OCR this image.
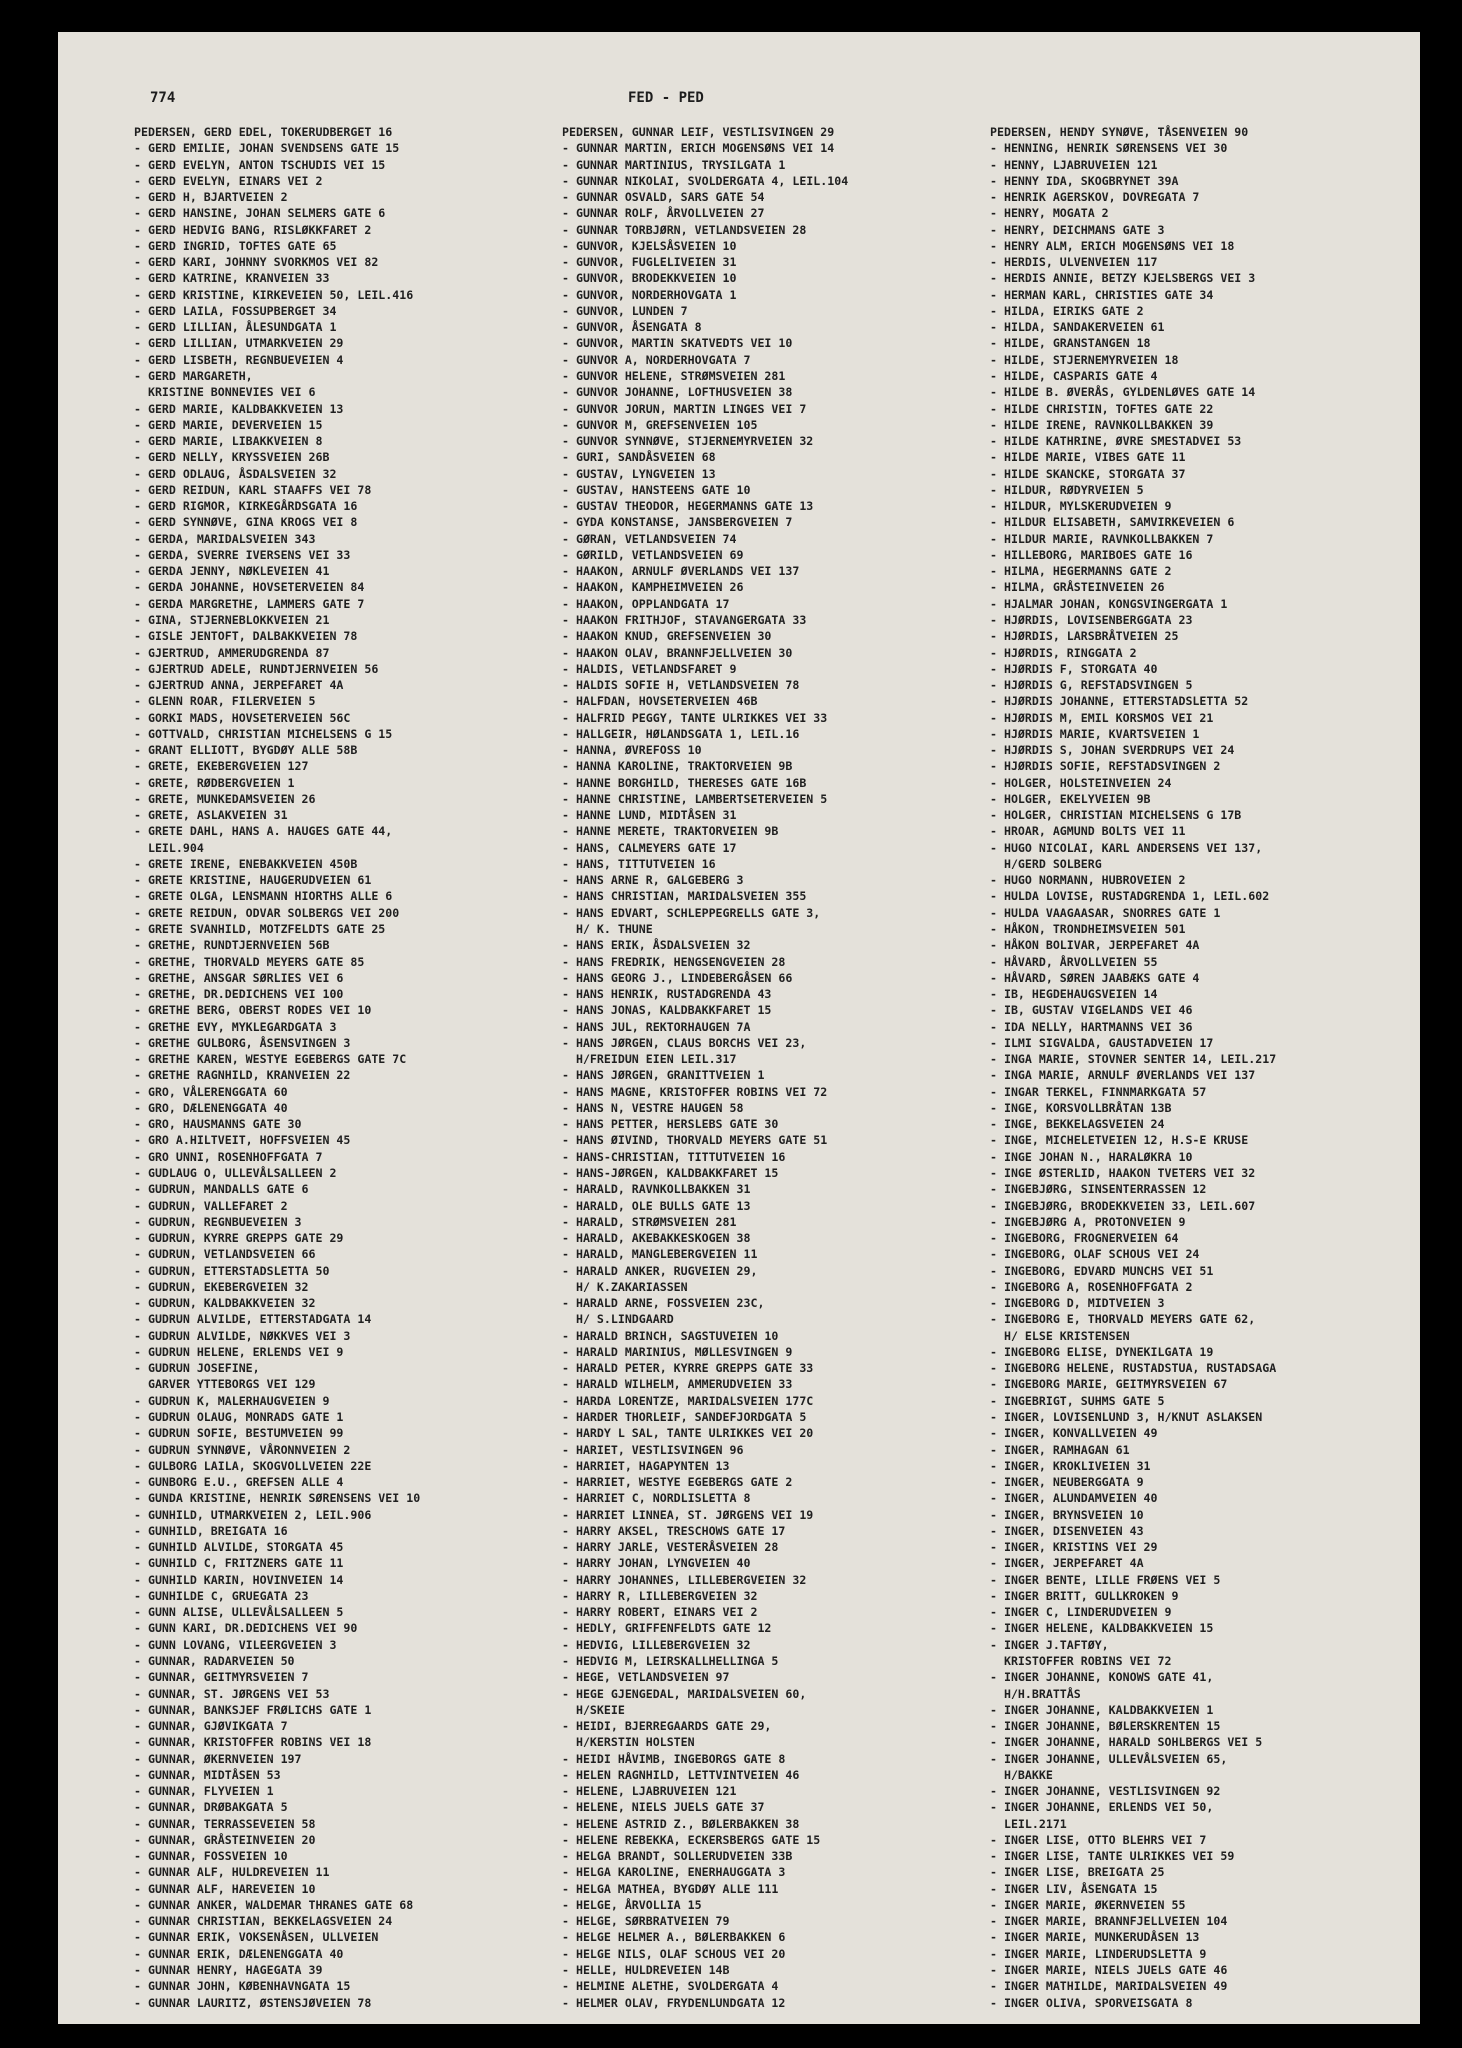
774	FED - PED
PEDERSEN, GERD EDEL, TOKERUDBERGET 16
- GERD EMILIE, JOHAN SVENDSENS GATE 15
- GERD EVELYN, ANTON TSCHUDIS VEI 15
- GERD EVELYN, EINARS VEI 2
- GERD H, BJARTVEIEN 2
- GERD HANSINE, JOHAN SELMERS GATE 6
- GERD HEDVIG BANG, RISLØKKFARET 2
- GERD INGRID, TOFTES GATE 65
- GERD KARI, JOHNNY SVORKMOS VEI 82
- GERD KATRINE, KRANVEIEN 33
- GERD KRISTINE, KIRKEVEIEN 50, LEIL.416
- GERD LAILA, FOSSUPBERGET 34
- GERD LILLIAN, ÅLESUNDGATA 1
- GERD LILLIAN, UTMARKVEIEN 29
- GERD LISBETH, REGNBUEVEIEN 4
- GERD MARGARETH,
KRISTINE BONNEVIES VEI 6
- GERD MARIE, KALDBAKKVEIEN 13
- GERD MARIE, DEVERVEIEN 15
- GERD MARIE, LIBAKKVEIEN 8
- GERD NELLY, KRYSSVEIEN 26B
- GERD ODLAUG, ÅSDALSVEIEN 32
- GERD REIDUN, KARL STAAFFS VEI 78
- GERD RIGMOR, KIRKEGÅRDSGATA 16
- GERD SYNNØVE, GINA KROGS VEI 8
- GERDA, MARIDALSVEIEN 343
- GERDA, SVERRE IVERSENS VEI 33
- GERDA JENNY, NØKLEVEIEN 41
- GERDA JOHANNE, HOVSETERVEIEN 84
- GERDA MARGRETHE, LAMMERS GATE 7
- GINA, STJERNEBLOKKVEIEN 21
- GISLE JENTOFT, DALBAKKVEIEN 78
- GJERTRUD, AMMERUDGRENDA 87
- GJERTRUD ADELE, RUNDTJERNVEIEN 56
- GJERTRUD ANNA, JERPEFARET 4A
- GLENN ROAR, FILERVEIEN 5
- GORKI MADS, HOVSETERVEIEN 56C
- GOTTVALD, CHRISTIAN MICHELSENS G 15
- GRANT ELLIOTT, BYGDØY ALLE 58B
- GRETE, EKEBERGVEIEN 127
- GRETE, RØDBERGVEIEN 1
- GRETE, MUNKEDAMSVEIEN 26
- GRETE, ASLAKVEIEN 31
- GRETE DAHL, HANS A. HAUGES GATE 44,
LEIL.904
- GRETE IRENE, ENEBAKKVEIEN 450B
- GRETE KRISTINE, HAUGERUDVEIEN 61
- GRETE OLGA, LENSMANN HIORTHS ALLE 6
- GRETE REIDUN, ODVAR SOLBERGS VEI 200
- GRETE SVANHILD, MOTZFELDTS GATE 25
- GRETHE, RUNDTJERNVEIEN 56B
- GRETHE, THORVALD MEYERS GATE 85
- GRETHE, ANSGAR SØRLIES VEI 6
- GRETHE, DR.DEDICHENS VEI 100
- GRETHE BERG, OBERST RODES VEI 10
- GRETHE EVY, MYKLEGARDGATA 3
- GRETHE GULBORG, ÅSENSVINGEN 3
- GRETHE KAREN, WESTYE EGEBERGS GATE 7C
- GRETHE RAGNHILD, KRANVEIEN 22
- GRO, VÅLERENGGATA 60
- GRO, DÆLENENGGATA 40
- GRO, HAUSMANNS GATE 30
- GRO A.HILTVEIT, HOFFSVEIEN 45
- GRO UNNI, ROSENHOFFGATA 7
- GUDLAUG O, ULLEVÅLSALLEEN 2
- GUDRUN, MANDALLS GATE 6
- GUDRUN, VALLEFARET 2
- GUDRUN, REGNBUEVEIEN 3
- GUDRUN, KYRRE GREPPS GATE 29
- GUDRUN, VETLANDSVEIEN 66
- GUDRUN, ETTERSTADSLETTA 50
- GUDRUN, EKEBERGVEIEN 32
- GUDRUN, KALDBAKKVEIEN 32
- GUDRUN ALVILDE, ETTERSTADGATA 14
- GUDRUN ALVILDE, NØKKVES VEI 3
- GUDRUN HELENE, ERLENDS VEI 9
- GUDRUN JOSEFINE,
GARVER YTTEBORGS VEI 129
- GUDRUN K, MALERHAUGVEIEN 9
- GUDRUN OLAUG, MONRADS GATE 1
- GUDRUN SOFIE, BESTUMVEIEN 99
- GUDRUN SYNNØVE, VÅRONNVEIEN 2
- GULBORG LAILA, SKOGVOLLVEIEN 22E
- GUNBORG E.U., GREFSEN ALLE 4
- GUNDA KRISTINE, HENRIK SØRENSENS VEI 10
- GUNHILD, UTMARKVEIEN 2, LEIL.906
- GUNHILD, BREIGATA 16
- GUNHILD ALVILDE, STORGATA 45
- GUNHILD C, FRITZNERS GATE 11
- GUNHILD KARIN, HOVINVEIEN 14
- GUNHILDE C, GRUEGATA 23
- GUNN ALISE, ULLEVÅLSALLEEN 5
- GUNN KARI, DR.DEDICHENS VEI 90
- GUNN LOVANG, VILEERGVEIEN 3
- GUNNAR, RADARVEIEN 50
- GUNNAR, GEITMYRSVEIEN 7
- GUNNAR, ST. JØRGENS VEI 53
- GUNNAR, BANKSJEF FRØLICHS GATE 1
- GUNNAR, GJØVIKGATA 7
- GUNNAR, KRISTOFFER ROBINS VEI 18
- GUNNAR, ØKERNVEIEN 197
- GUNNAR, MIDTÅSEN 53
- GUNNAR, FLYVEIEN 1
- GUNNAR, DRØBAKGATA 5
- GUNNAR, TERRASSEVEIEN 58
- GUNNAR, GRÅSTEINVEIEN 20
- GUNNAR, FOSSVEIEN 10
- GUNNAR ALF, HULDREVEIEN 11
- GUNNAR ALF, HAREVEIEN 10
- GUNNAR ANKER, WALDEMAR THRANES GATE 68
- GUNNAR CHRISTIAN, BEKKELAGSVEIEN 24
- GUNNAR ERIK, VOKSENÅSEN, ULLVEIEN
- GUNNAR ERIK, DÆLENENGGATA 40
- GUNNAR HENRY, HAGEGATA 39
- GUNNAR JOHN, KØBENHAVNGATA 15
- GUNNAR LAURITZ, ØSTENSJØVEIEN 78
PEDERSEN, GUNNAR LEIF, VESTLISVINGEN 29
- GUNNAR MARTIN, ERICH MOGENSØNS VEI 14
- GUNNAR MARTINIUS, TRYSILGATA 1
- GUNNAR NIKOLAI, SVOLDERGATA 4, LEIL.104
- GUNNAR OSVALD, SARS GATE 54
- GUNNAR ROLF, ÅRVOLLVEIEN 27
- GUNNAR TORBJØRN, VETLANDSVEIEN 28
- GUNVOR, KJELSÅSVEIEN 10
- GUNVOR, FUGLELIVEIEN 31
- GUNVOR, BRODEKKVEIEN 10
- GUNVOR, NORDERHOVGATA 1
- GUNVOR, LUNDEN 7
- GUNVOR, ÅSENGATA 8
- GUNVOR, MARTIN SKATVEDTS VEI 10
- GUNVOR A, NORDERHOVGATA 7
- GUNVOR HELENE, STRØMSVEIEN 281
- GUNVOR JOHANNE, LOFTHUSVEIEN 38
- GUNVOR JORUN, MARTIN LINGES VEI 7
- GUNVOR M, GREFSENVEIEN 105
- GUNVOR SYNNØVE, STJERNEMYRVEIEN 32
- GURI, SANDÅSVEIEN 68
- GUSTAV, LYNGVEIEN 13
- GUSTAV, HANSTEENS GATE 10
- GUSTAV THEODOR, HEGERMANNS GATE 13
- GYDA KONSTANSE, JANSBERGVEIEN 7
- GØRAN, VETLANDSVEIEN 74
- GØRILD, VETLANDSVEIEN 69
- HAAKON, ARNULF ØVERLANDS VEI 137
- HAAKON, KAMPHEIMVEIEN 26
- HAAKON, OPPLANDGATA 17
- HAAKON FRITHJOF, STAVANGERGATA 33
- HAAKON KNUD, GREFSENVEIEN 30
- HAAKON OLAV, BRANNFJELLVEIEN 30
- HALDIS, VETLANDSFARET 9
- HALDIS SOFIE H, VETLANDSVEIEN 78
- HALFDAN, HOVSETERVEIEN 46B
- HALFRID PEGGY, TANTE ULRIKKES VEI 33
- HALLGEIR, HØLANDSGATA 1, LEIL.16
- HANNA, ØVREFOSS 10
- HANNA KAROLINE, TRAKTORVEIEN 9B
- HANNE BORGHILD, THERESES GATE 16B
- HANNE CHRISTINE, LAMBERTSETERVEIEN 5
- HANNE LUND, MIDTÅSEN 31
- HANNE MERETE, TRAKTORVEIEN 9B
- HANS, CALMEYERS GATE 17
- HANS, TITTUTVEIEN 16
- HANS ARNE R, GALGEBERG 3
- HANS CHRISTIAN, MARIDALSVEIEN 355
- HANS EDVART, SCHLEPPEGRELLS GATE 3,
H/ K. THUNE
- HANS ERIK, ÅSDALSVEIEN 32
- HANS FREDRIK, HENGSENGVEIEN 28
- HANS GEORG J., LINDEBERGÅSEN 66
- HANS HENRIK, RUSTADGRENDA 43
- HANS JONAS, KALDBAKKFARET 15
- HANS JUL, REKTORHAUGEN 7A
- HANS JØRGEN, CLAUS BORCHS VEI 23,
H/FREIDUN EIEN LEIL.317
- HANS JØRGEN, GRANITTVEIEN 1
- HANS MAGNE, KRISTOFFER ROBINS VEI 72
- HANS N, VESTRE HAUGEN 58
- HANS PETTER, HERSLEBS GATE 30
- HANS ØIVIND, THORVALD MEYERS GATE 51
- HANS-CHRISTIAN, TITTUTVEIEN 16
- HANS-JØRGEN, KALDBAKKFARET 15
- HARALD, RAVNKOLLBAKKEN 31
- HARALD, OLE BULLS GATE 13
- HARALD, STRØMSVEIEN 281
- HARALD, AKEBAKKESKOGEN 38
- HARALD, MANGLEBERGVEIEN 11
- HARALD ANKER, RUGVEIEN 29,
H/ K.ZAKARIASSEN
- HARALD ARNE, FOSSVEIEN 23C,
H/ S.LINDGAARD
- HARALD BRINCH, SAGSTUVEIEN 10
- HARALD MARINIUS, MØLLESVINGEN 9
- HARALD PETER, KYRRE GREPPS GATE 33
- HARALD WILHELM, AMMERUDVEIEN 33
- HARDA LORENTZE, MARIDALSVEIEN 177C
- HARDER THORLEIF, SANDEFJORDGATA 5
- HARDY L SAL, TANTE ULRIKKES VEI 20
- HARIET, VESTLISVINGEN 96
- HARRIET, HAGAPYNTEN 13
- HARRIET, WESTYE EGEBERGS GATE 2
- HARRIET C, NORDLISLETTA 8
- HARRIET LINNEA, ST. JØRGENS VEI 19
- HARRY AKSEL, TRESCHOWS GATE 17
- HARRY JARLE, VESTERÅSVEIEN 28
- HARRY JOHAN, LYNGVEIEN 40
- HARRY JOHANNES, LILLEBERGVEIEN 32
- HARRY R, LILLEBERGVEIEN 32
- HARRY ROBERT, EINARS VEI 2
- HEDLY, GRIFFENFELDTS GATE 12
- HEDVIG, LILLEBERGVEIEN 32
- HEDVIG M, LEIRSKALLHELLINGA 5
- HEGE, VETLANDSVEIEN 97
- HEGE GJENGEDAL, MARIDALSVEIEN 60,
H/SKEIE
- HEIDI, BJERREGAARDS GATE 29,
H/KERSTIN HOLSTEN
- HEIDI HÅVIMB, INGEBORGS GATE 8
- HELEN RAGNHILD, LETTVINTVEIEN 46
- HELENE, LJABRUVEIEN 121
- HELENE, NIELS JUELS GATE 37
- HELENE ASTRID Z., BØLERBAKKEN 38
- HELENE REBEKKA, ECKERSBERGS GATE 15
- HELGA BRANDT, SOLLERUDVEIEN 33B
- HELGA KAROLINE, ENERHAUGGATA 3
- HELGA MATHEA, BYGDØY ALLE 111
- HELGE, ÅRVOLLIA 15
- HELGE, SØRBRATVEIEN 79
- HELGE HELMER A., BØLERBAKKEN 6
- HELGE NILS, OLAF SCHOUS VEI 20
- HELLE, HULDREVEIEN 14B
- HELMINE ALETHE, SVOLDERGATA 4
- HELMER OLAV, FRYDENLUNDGATA 12
PEDERSEN, HENDY SYNØVE, TÅSENVEIEN 90
- HENNING, HENRIK SØRENSENS VEI 30
- HENNY, LJABRUVEIEN 121
- HENNY IDA, SKOGBRYNET 39A
- HENRIK AGERSKOV, DOVREGATA 7
- HENRY, MOGATA 2
- HENRY, DEICHMANS GATE 3
- HENRY ALM, ERICH MOGENSØNS VEI 18
- HERDIS, ULVENVEIEN 117
- HERDIS ANNIE, BETZY KJELSBERGS VEI 3
- HERMAN KARL, CHRISTIES GATE 34
- HILDA, EIRIKS GATE 2
- HILDA, SANDAKERVEIEN 61
- HILDE, GRANSTANGEN 18
- HILDE, STJERNEMYRVEIEN 18
- HILDE, CASPARIS GATE 4
- HILDE B. ØVERÅS, GYLDENLØVES GATE 14
- HILDE CHRISTIN, TOFTES GATE 22
- HILDE IRENE, RAVNKOLLBAKKEN 39
- HILDE KATHRINE, ØVRE SMESTADVEI 53
- HILDE MARIE, VIBES GATE 11
- HILDE SKANCKE, STORGATA 37
- HILDUR, RØDYRVEIEN 5
- HILDUR, MYLSKERUDVEIEN 9
- HILDUR ELISABETH, SAMVIRKEVEIEN 6
- HILDUR MARIE, RAVNKOLLBAKKEN 7
- HILLEBORG, MARIBOES GATE 16
- HILMA, HEGERMANNS GATE 2
- HILMA, GRÅSTEINVEIEN 26
- HJALMAR JOHAN, KONGSVINGERGATA 1
- HJØRDIS, LOVISENBERGGATA 23
- HJØRDIS, LARSBRÅTVEIEN 25
- HJØRDIS, RINGGATA 2
- HJØRDIS F, STORGATA 40
- HJØRDIS G, REFSTADSVINGEN 5
- HJØRDIS JOHANNE, ETTERSTADSLETTA 52
- HJØRDIS M, EMIL KORSMOS VEI 21
- HJØRDIS MARIE, KVARTSVEIEN 1
- HJØRDIS S, JOHAN SVERDRUPS VEI 24
- HJØRDIS SOFIE, REFSTADSVINGEN 2
- HOLGER, HOLSTEINVEIEN 24
- HOLGER, EKELYVEIEN 9B
- HOLGER, CHRISTIAN MICHELSENS G 17B
- HROAR, AGMUND BOLTS VEI 11
- HUGO NICOLAI, KARL ANDERSENS VEI 137,
H/GERD SOLBERG
- HUGO NORMANN, HUBROVEIEN 2
- HULDA LOVISE, RUSTADGRENDA 1, LEIL.602
- HULDA VAAGAASAR, SNORRES GATE 1
- HÅKON, TRONDHEIMSVEIEN 501
- HÅKON BOLIVAR, JERPEFARET 4A
- HÅVARD, ÅRVOLLVEIEN 55
- HÅVARD, SØREN JAABÆKS GATE 4
- IB, HEGDEHAUGSVEIEN 14
- IB, GUSTAV VIGELANDS VEI 46
- IDA NELLY, HARTMANNS VEI 36
- ILMI SIGVALDA, GAUSTADVEIEN 17
- INGA MARIE, STOVNER SENTER 14, LEIL.217
- INGA MARIE, ARNULF ØVERLANDS VEI 137
- INGAR TERKEL, FINNMARKGATA 57
- INGE, KORSVOLLBRÅTAN 13B
- INGE, BEKKELAGSVEIEN 24
- INGE, MICHELETVEIEN 12, H.S-E KRUSE
- INGE JOHAN N., HARALØKRA 10
- INGE ØSTERLID, HAAKON TVETERS VEI 32
- INGEBJØRG, SINSENTERRASSEN 12
- INGEBJØRG, BRODEKKVEIEN 33, LEIL.607
- INGEBJØRG A, PROTONVEIEN 9
- INGEBORG, FROGNERVEIEN 64
- INGEBORG, OLAF SCHOUS VEI 24
- INGEBORG, EDVARD MUNCHS VEI 51
- INGEBORG A, ROSENHOFFGATA 2
- INGEBORG D, MIDTVEIEN 3
- INGEBORG E, THORVALD MEYERS GATE 62,
H/ ELSE KRISTENSEN
- INGEBORG ELISE, DYNEKILGATA 19
- INGEBORG HELENE, RUSTADSTUA, RUSTADSAGA
- INGEBORG MARIE, GEITMYRSVEIEN 67
- INGEBRIGT, SUHMS GATE 5
- INGER, LOVISENLUND 3, H/KNUT ASLAKSEN
- INGER, KONVALLVEIEN 49
- INGER, RAMHAGAN 61
- INGER, KROKLIVEIEN 31
- INGER, NEUBERGGATA 9
- INGER, ALUNDAMVEIEN 40
- INGER, BRYNSVEIEN 10
- INGER, DISENVEIEN 43
- INGER, KRISTINS VEI 29
- INGER, JERPEFARET 4A
- INGER BENTE, LILLE FRØENS VEI 5
- INGER BRITT, GULLKROKEN 9
- INGER C, LINDERUDVEIEN 9
- INGER HELENE, KALDBAKKVEIEN 15
- INGER J.TAFTØY,
KRISTOFFER ROBINS VEI 72
- INGER JOHANNE, KONOWS GATE 41,
H/H.BRATTÅS
- INGER JOHANNE, KALDBAKKVEIEN 1
- INGER JOHANNE, BØLERSKRENTEN 15
- INGER JOHANNE, HARALD SOHLBERGS VEI 5
- INGER JOHANNE, ULLEVÅLSVEIEN 65,
H/BAKKE
- INGER JOHANNE, VESTLISVINGEN 92
- INGER JOHANNE, ERLENDS VEI 50,
LEIL.2171
- INGER LISE, OTTO BLEHRS VEI 7
- INGER LISE, TANTE ULRIKKES VEI 59
- INGER LISE, BREIGATA 25
- INGER LIV, ÅSENGATA 15
- INGER MARIE, ØKERNVEIEN 55
- INGER MARIE, BRANNFJELLVEIEN 104
- INGER MARIE, MUNKERUDÅSEN 13
- INGER MARIE, LINDERUDSLETTA 9
- INGER MARIE, NIELS JUELS GATE 46
- INGER MATHILDE, MARIDALSVEIEN 49
- INGER OLIVA, SPORVEISGATA 8
